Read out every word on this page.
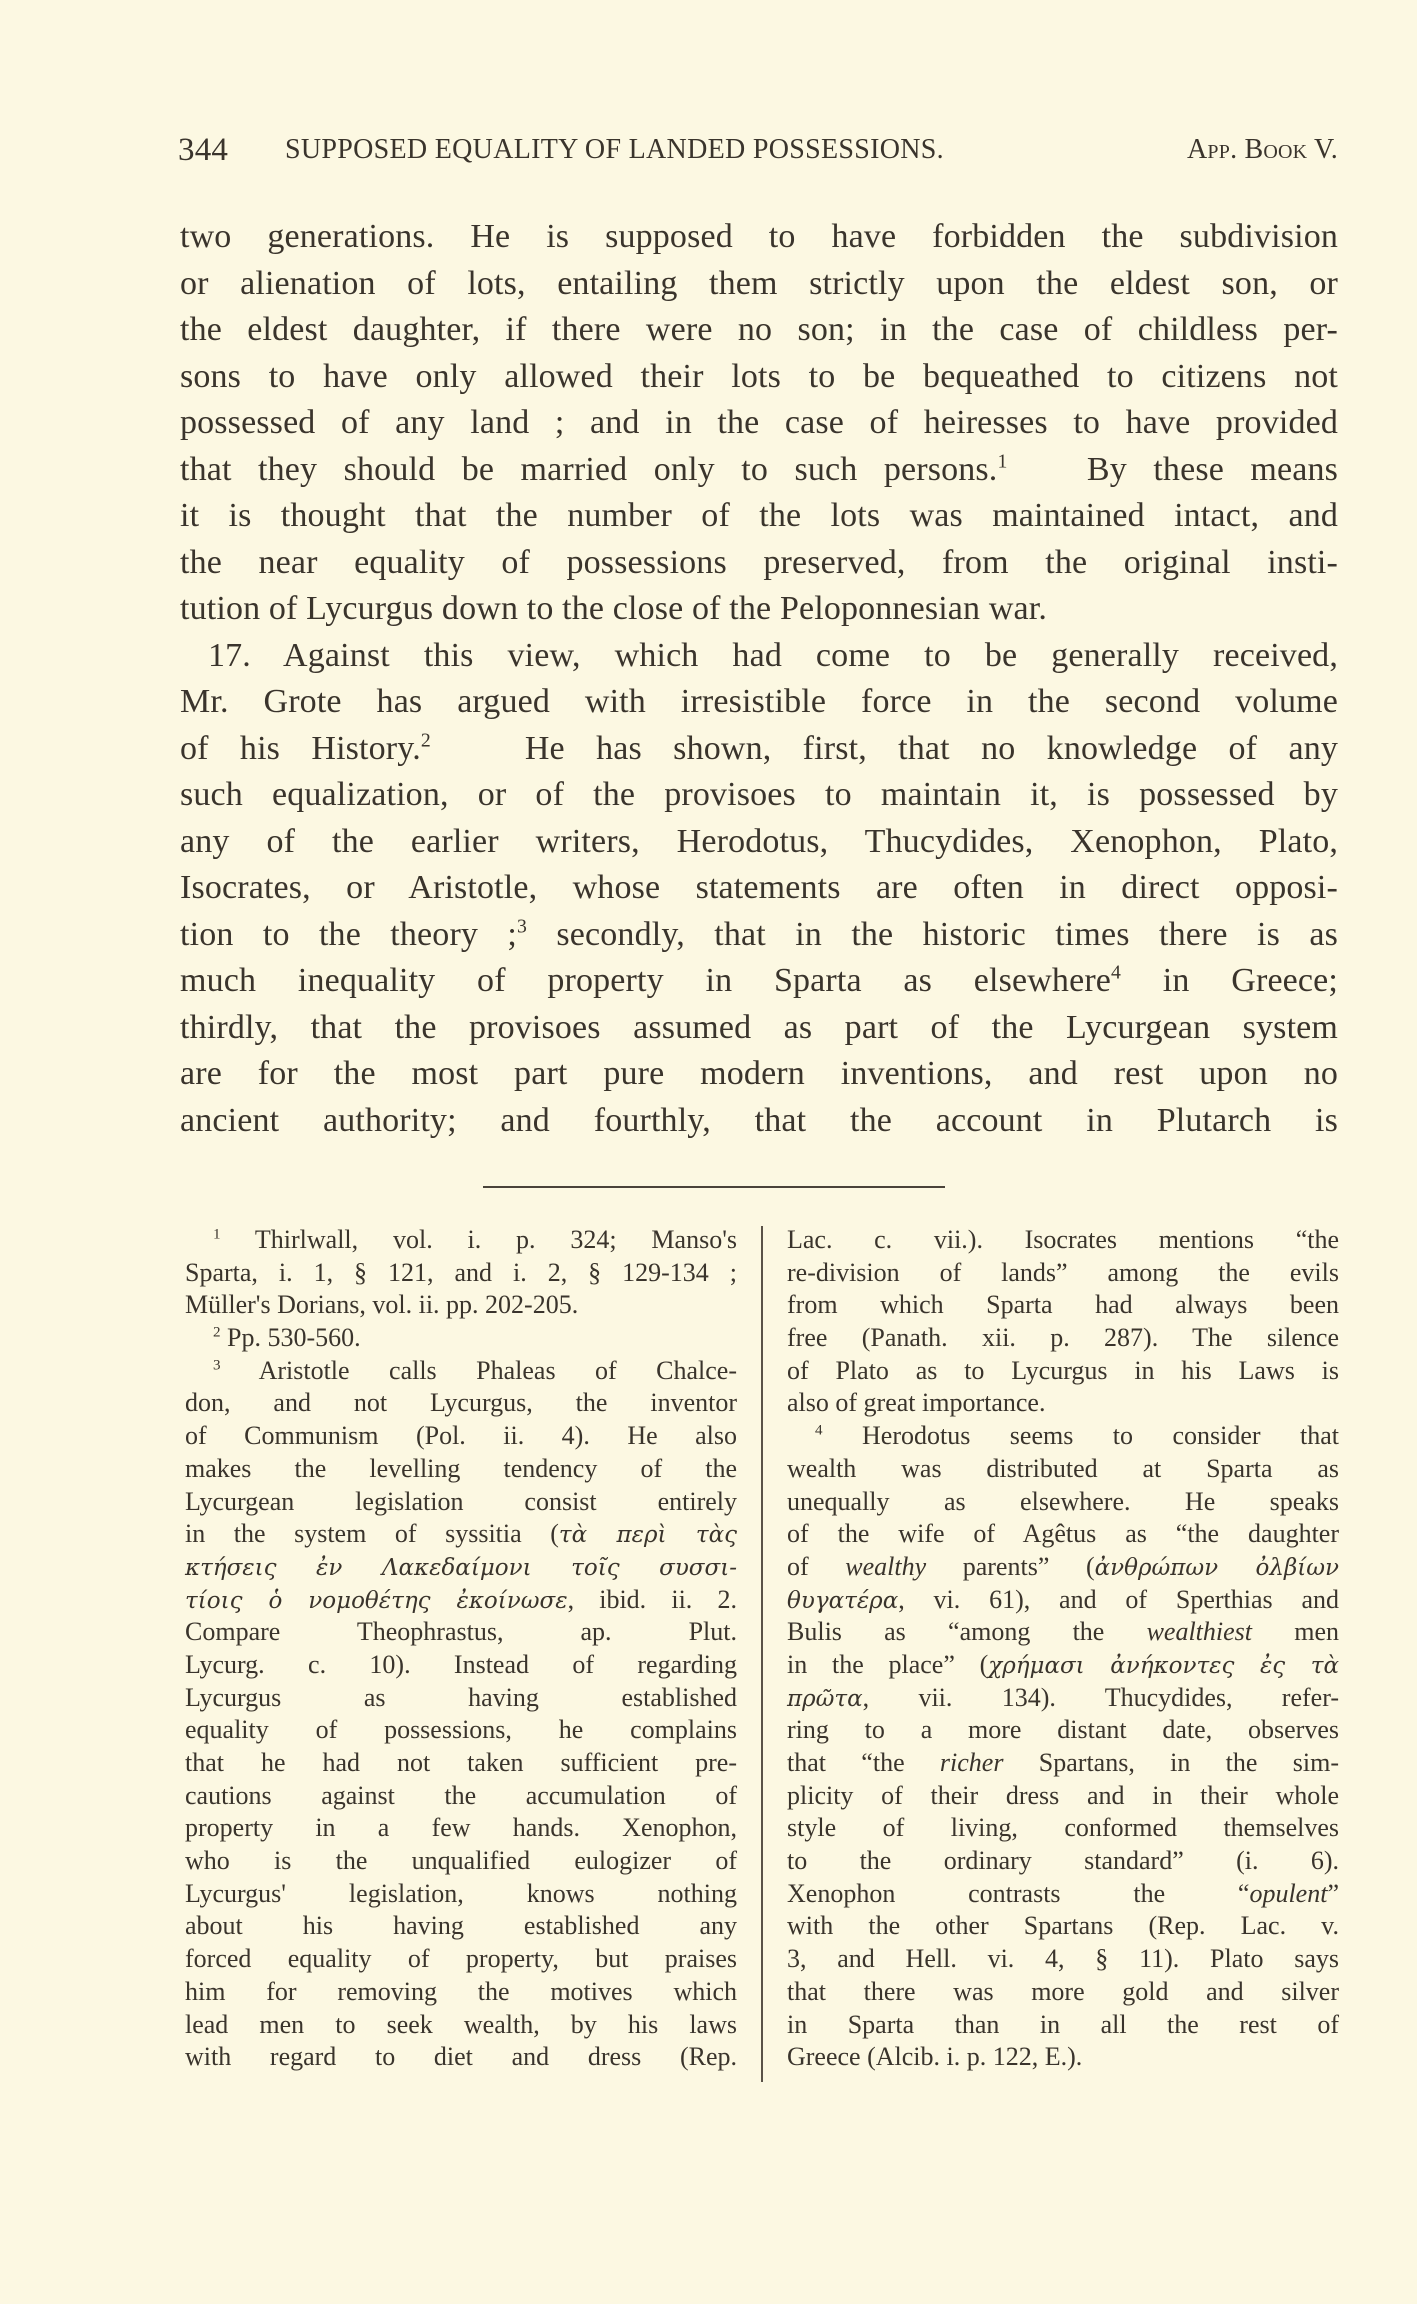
344 SUPPOSED EQUALITY OF LANDED POSSESSIONS.	App. Book V.
two generations. He is supposed to have forbidden the subdivision
or alienation of lots, entailing them strictly upon the eldest son, or
the eldest daughter, if there were no son; in the case of childless per-
sons to have only allowed their lots to be bequeathed to citizens not
possessed of any land ; and in the case of heiresses to have provided
that they should be married only to such persons.$^1$ By these means
it is thought that the number of the lots was maintained intact, and
the near equality of possessions preserved, from the original insti-
tution of Lycurgus down to the close of the Peloponnesian war.
17. Against this view, which had come to be generally received,
Mr. Grote has argued with irresistible force in the second volume
of his History.$^2$	He has shown, first, that no knowledge of any
such equalization, or of the provisoes to maintain it, is possessed by
any of the earlier writers, Herodotus, Thucydides, Xenophon, Plato,
Isocrates, or Aristotle, whose statements are often in direct opposi-
tion to the theory ;$^3$ secondly, that in the historic times there is as
much inequality of property in Sparta as elsewhere$^4$ in Greece;
thirdly, that the provisoes assumed as part of the Lycurgean system
are for the most part pure modern inventions, and rest upon no
ancient authority; and fourthly, that the account in Plutarch is
$^1$ Thirlwall, vol. i. p. 324; Manso's
Sparta, i. 1, § 121, and i. 2, § 129-134 ;
Müller's Dorians, vol. ii. pp. 202-205.
$^2$ Pp. 530-560.
$^3$ Aristotle calls Phaleas of Chalce-
don, and not Lycurgus, the inventor
of Communism (Pol. ii. 4). He also
makes the levelling tendency of the
Lycurgean legislation consist entirely
in the system of syssitia (τὰ περὶ τὰς
κτήσεις ἐν Λακεδαίμονι τοῖς συσσι-
τίοις ὁ νομοθέτης ἐκοίνωσε, ibid. ii. 2.
Compare Theophrastus, ap. Plut.
Lycurg. c. 10). Instead of regarding
Lycurgus as having established
equality of possessions, he complains
that he had not taken sufficient pre-
cautions against the accumulation of
property in a few hands. Xenophon,
who is the unqualified eulogizer of
Lycurgus' legislation, knows nothing
about his having established any
forced equality of property, but praises
him for removing the motives which
lead men to seek wealth, by his laws
with regard to diet and dress (Rep.
Lac. c. vii.). Isocrates mentions “the
re-division of lands” among the evils
from which Sparta had always been
free (Panath. xii. p. 287). The silence
of Plato as to Lycurgus in his Laws is
also of great importance.
$^4$ Herodotus seems to consider that
wealth was distributed at Sparta as
unequally as elsewhere. He speaks
of the wife of Agêtus as “the daughter
of wealthy parents” (ἀνθρώπων ὀλβίων
θυγατέρα, vi. 61), and of Sperthias and
Bulis as “among the wealthiest men
in the place” (χρήμασι ἀνήκοντες ἐς τὰ
πρῶτα, vii. 134). Thucydides, refer-
ring to a more distant date, observes
that “the richer Spartans, in the sim-
plicity of their dress and in their whole
style of living, conformed themselves
to the ordinary standard” (i. 6).
Xenophon contrasts the “opulent”
with the other Spartans (Rep. Lac. v.
3, and Hell. vi. 4, § 11). Plato says
that there was more gold and silver
in Sparta than in all the rest of
Greece (Alcib. i. p. 122, E.).
